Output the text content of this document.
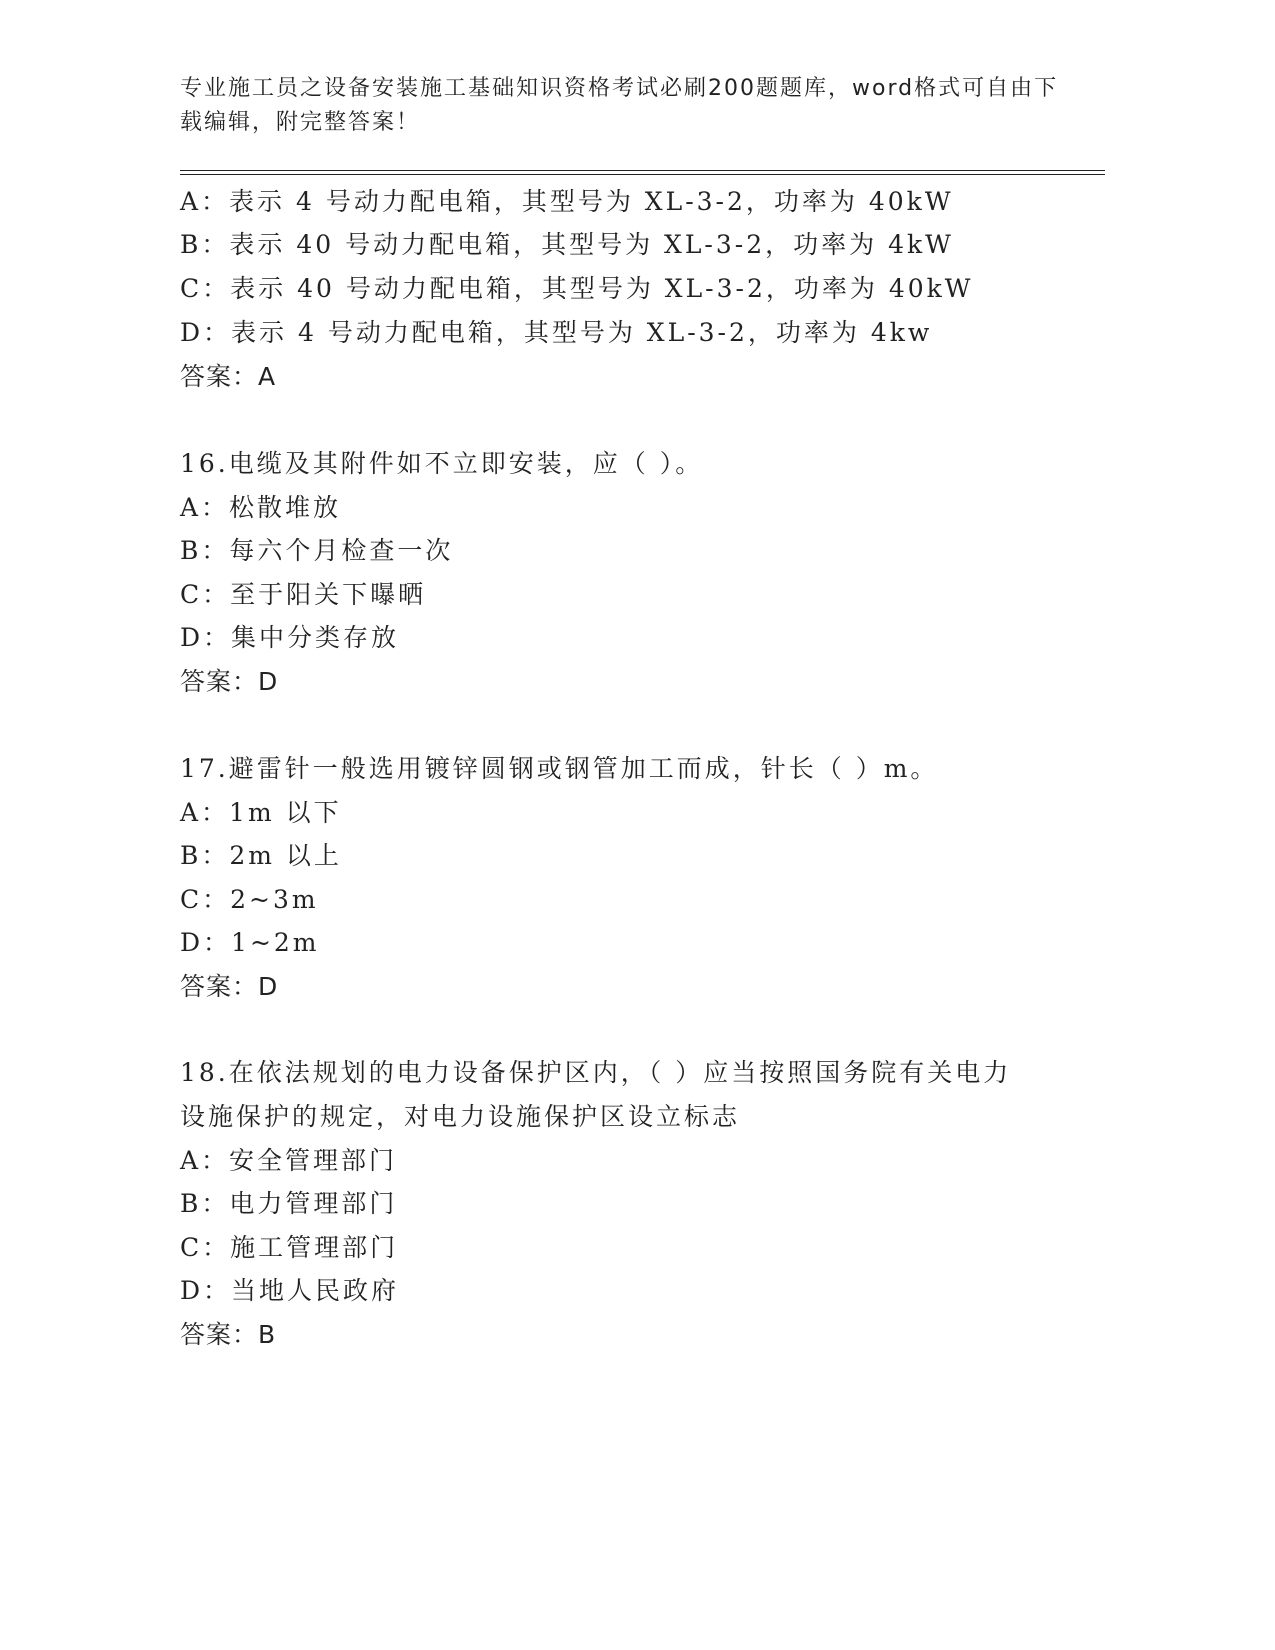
专业施工员之设备安装施工基础知识资格考试必刷200题题库，word格式可自由下载编辑，附完整答案！
A：表示 4 号动力配电箱，其型号为 XL-3-2，功率为 40kW
B：表示 40 号动力配电箱，其型号为 XL-3-2，功率为 4kW
C：表示 40 号动力配电箱，其型号为 XL-3-2，功率为 40kW
D：表示 4 号动力配电箱，其型号为 XL-3-2，功率为 4kw
答案：A
16.电缆及其附件如不立即安装，应（ ）。
A：松散堆放
B：每六个月检查一次
C：至于阳关下曝晒
D：集中分类存放
答案：D
17.避雷针一般选用镀锌圆钢或钢管加工而成，针长（ ）m。
A：1m 以下
B：2m 以上
C：2~3m
D：1~2m
答案：D
18.在依法规划的电力设备保护区内，（ ）应当按照国务院有关电力
设施保护的规定，对电力设施保护区设立标志
A：安全管理部门
B：电力管理部门
C：施工管理部门
D：当地人民政府
答案：B
